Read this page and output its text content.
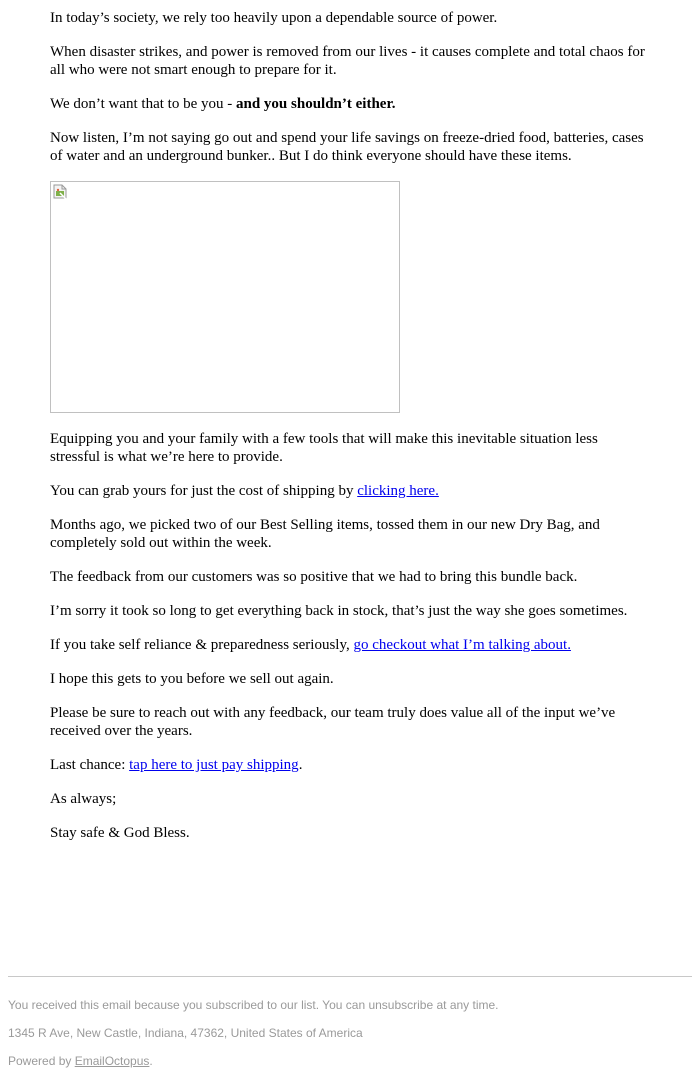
In today’s society, we rely too heavily upon a dependable source of power.

When disaster strikes, and power is removed from our lives - it causes complete and total chaos for all who were not smart enough to prepare for it.

We don’t want that to be you - and you shouldn’t either.

Now listen, I’m not saying go out and spend your life savings on freeze-dried food, batteries, cases of water and an underground bunker.. But I do think everyone should have these items.

Equipping you and your family with a few tools that will make this inevitable situation less stressful is what we’re here to provide.

You can grab yours for just the cost of shipping by clicking here.

Months ago, we picked two of our Best Selling items, tossed them in our new Dry Bag, and completely sold out within the week.

The feedback from our customers was so positive that we had to bring this bundle back.

I’m sorry it took so long to get everything back in stock, that’s just the way she goes sometimes.

If you take self reliance & preparedness seriously, go checkout what I’m talking about.

I hope this gets to you before we sell out again.

Please be sure to reach out with any feedback, our team truly does value all of the input we’ve received over the years.

Last chance: tap here to just pay shipping.

As always;

Stay safe & God Bless.

You received this email because you subscribed to our list. You can unsubscribe at any time.

1345 R Ave, New Castle, Indiana, 47362, United States of America

Powered by EmailOctopus.
